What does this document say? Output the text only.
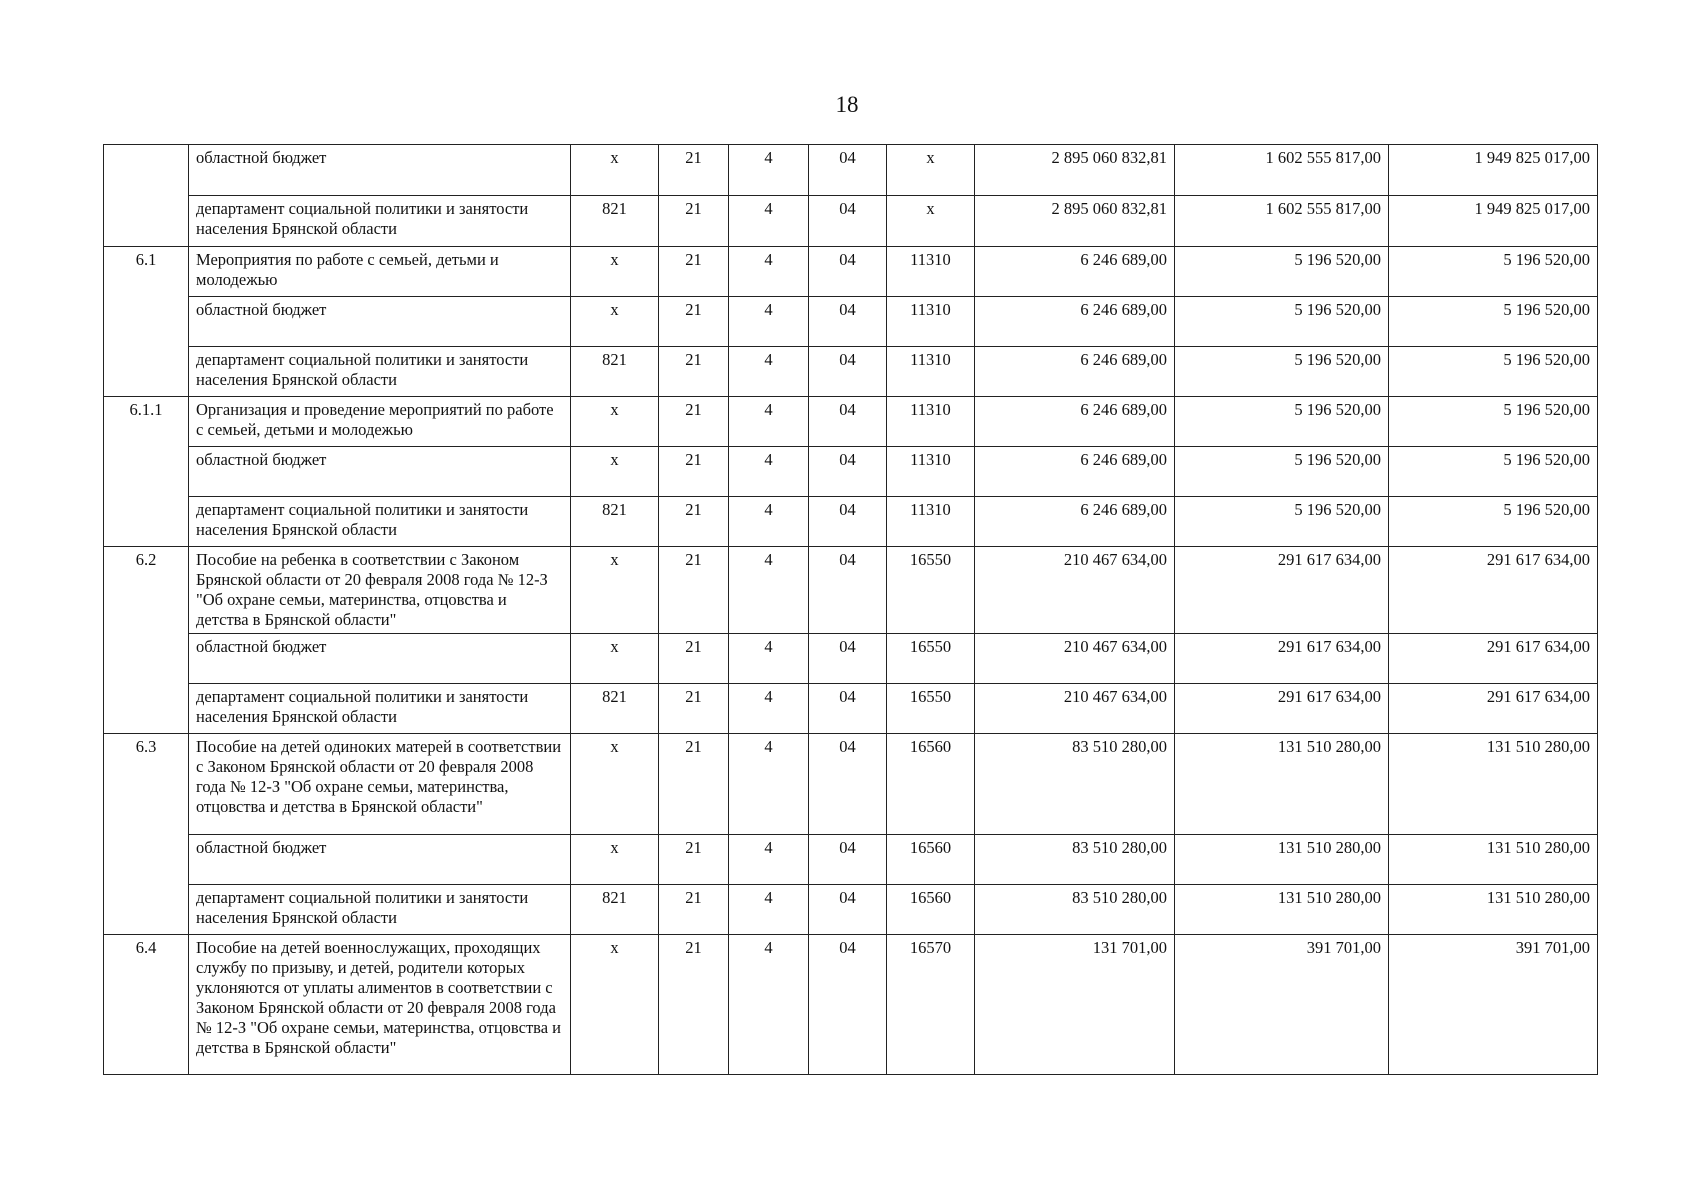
18
	областной бюджет	х	21	4	04	х	2 895 060 832,81	1 602 555 817,00	1 949 825 017,00
	департамент социальной политики и занятости населения Брянской области	821	21	4	04	х	2 895 060 832,81	1 602 555 817,00	1 949 825 017,00
6.1	Мероприятия по работе с семьей, детьми и молодежью	х	21	4	04	11310	6 246 689,00	5 196 520,00	5 196 520,00
	областной бюджет	х	21	4	04	11310	6 246 689,00	5 196 520,00	5 196 520,00
	департамент социальной политики и занятости населения Брянской области	821	21	4	04	11310	6 246 689,00	5 196 520,00	5 196 520,00
6.1.1	Организация и проведение мероприятий по работе с семьей, детьми и молодежью	х	21	4	04	11310	6 246 689,00	5 196 520,00	5 196 520,00
	областной бюджет	х	21	4	04	11310	6 246 689,00	5 196 520,00	5 196 520,00
	департамент социальной политики и занятости населения Брянской области	821	21	4	04	11310	6 246 689,00	5 196 520,00	5 196 520,00
6.2	Пособие на ребенка в соответствии с Законом Брянской области от 20 февраля 2008 года № 12-З "Об охране семьи, материнства, отцовства и детства в Брянской области"	х	21	4	04	16550	210 467 634,00	291 617 634,00	291 617 634,00
	областной бюджет	х	21	4	04	16550	210 467 634,00	291 617 634,00	291 617 634,00
	департамент социальной политики и занятости населения Брянской области	821	21	4	04	16550	210 467 634,00	291 617 634,00	291 617 634,00
6.3	Пособие на детей одиноких матерей в соответствии с Законом Брянской области от 20 февраля 2008 года № 12-З "Об охране семьи, материнства, отцовства и детства в Брянской области"	х	21	4	04	16560	83 510 280,00	131 510 280,00	131 510 280,00
	областной бюджет	х	21	4	04	16560	83 510 280,00	131 510 280,00	131 510 280,00
	департамент социальной политики и занятости населения Брянской области	821	21	4	04	16560	83 510 280,00	131 510 280,00	131 510 280,00
6.4	Пособие на детей военнослужащих, проходящих службу по призыву, и детей, родители которых уклоняются от уплаты алиментов в соответствии с Законом Брянской области от 20 февраля 2008 года № 12-З "Об охране семьи, материнства, отцовства и детства в Брянской области"	х	21	4	04	16570	131 701,00	391 701,00	391 701,00
